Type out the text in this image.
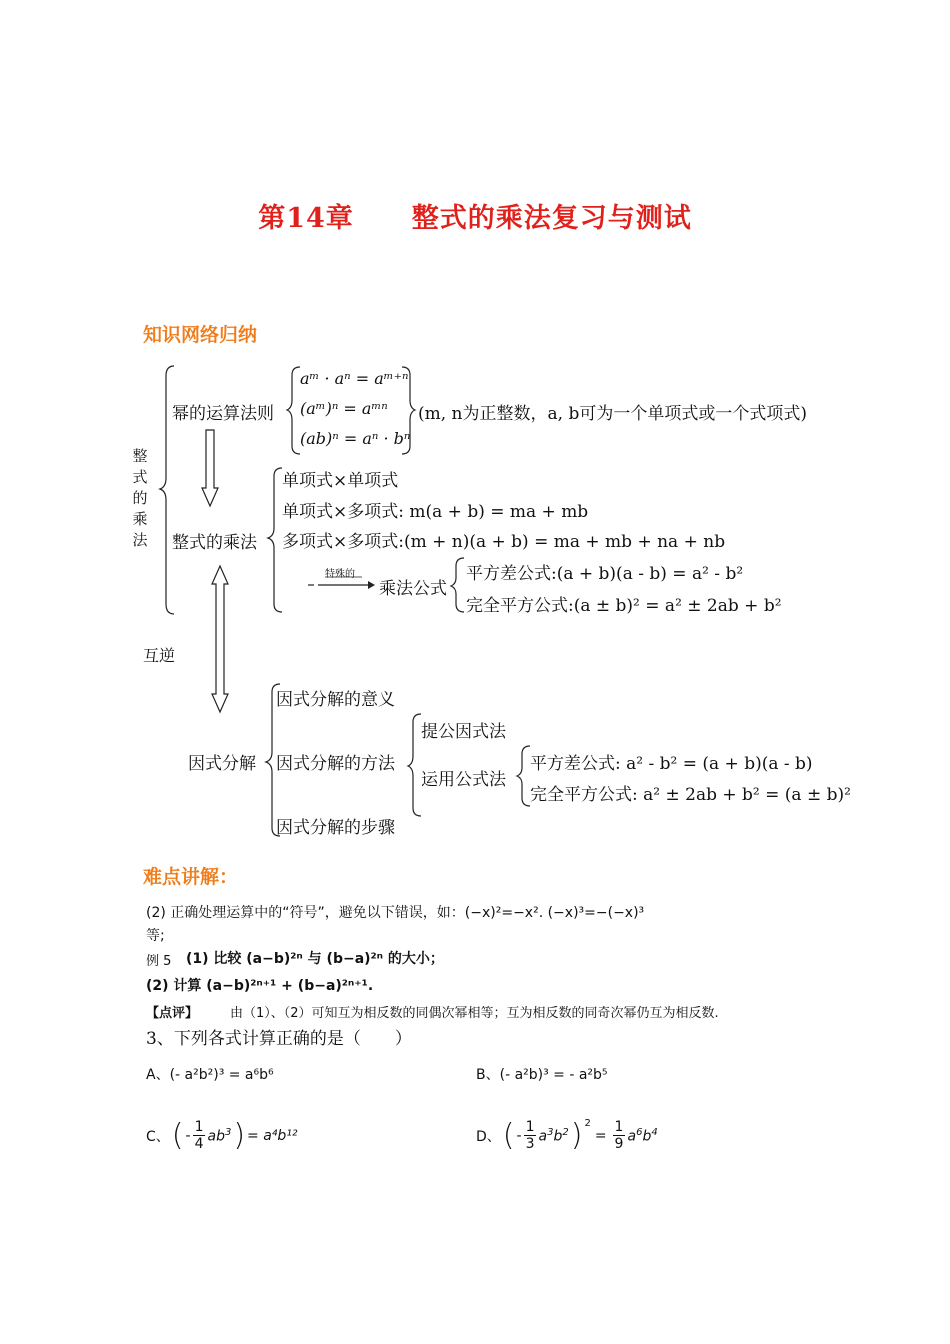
第14章 整式的乘法复习与测试
知识网络归纳
整式的乘法
幂的运算法则
aᵐ · aⁿ = aᵐ⁺ⁿ
(aᵐ)ⁿ = aᵐⁿ
(ab)ⁿ = aⁿ · bⁿ
(m, n为正整数，a, b可为一个单项式或一个式项式)
整式的乘法
单项式×单项式
单项式×多项式: m(a + b) = ma + mb
多项式×多项式:(m + n)(a + b) = ma + mb + na + nb
特殊的
乘法公式
平方差公式:(a + b)(a - b) = a² - b²
完全平方公式:(a ± b)² = a² ± 2ab + b²
互逆
因式分解
因式分解的意义
因式分解的方法
因式分解的步骤
提公因式法
运用公式法
平方差公式: a² - b² = (a + b)(a - b)
完全平方公式: a² ± 2ab + b² = (a ± b)²
难点讲解：
(2) 正确处理运算中的“符号”，避免以下错误，如：(−x)²=−x². (−x)³=−(−x)³
等;
例 5 (1) 比较 (a−b)²ⁿ 与 (b−a)²ⁿ 的大小；
(2) 计算 (a−b)²ⁿ⁺¹ + (b−a)²ⁿ⁺¹.
【点评】 由（1）、（2）可知互为相反数的同偶次幂相等；互为相反数的同奇次幂仍互为相反数.
3、下列各式计算正确的是（　　）
A、(- a²b²)³ = a⁶b⁶	B、(- a²b)³ = - a²b⁵
C、 ( - $\frac{1}{4} ab^3$ ) = a⁴b¹²	D、 ( - $\frac{1}{3} a^3b^2$ ) 2
= $\frac{1}{9} a^6b^4$
